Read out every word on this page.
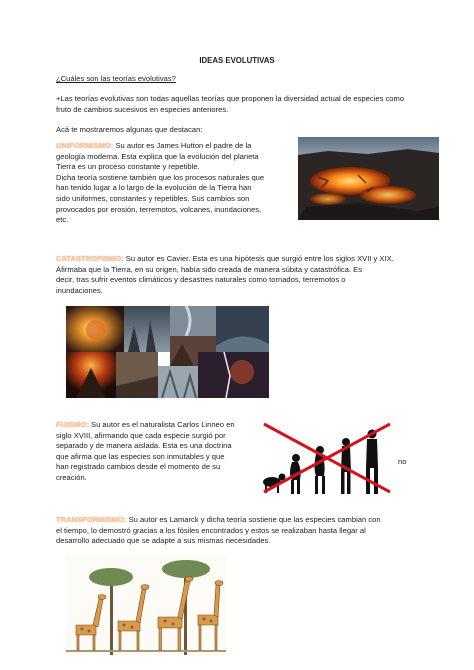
IDEAS EVOLUTIVAS

¿Cuáles son las teorías evolutivas?

+Las teorías evolutivas son todas aquellas teorías que proponen la diversidad actual de especies como fruto de cambios sucesivos en especies anteriores.

Acá te mostraremos algunas que destacan:

UNIFORMISMO: Su autor es James Hutton el padre de la
geología moderna. Esta explica que la evolución del planeta
Tierra es un proceso constante y repetible.
Dicha teoría sostiene también que los procesos naturales que
han tenido lugar a lo largo de la evolución de la Tierra han
sido uniformes, constantes y repetibles. Sus cambios son
provocados por erosión, terremotos, volcanes, inundaciones,
etc.
CATASTROFISMO: Su autor es Cavier. Esta es una hipótesis que surgió entre los siglos XVII y XIX.
Afirmaba que la Tierra, en su origen, había sido creada de manera súbita y catastrófica. Es
decir, tras sufrir eventos climáticos y desastres naturales como tornados, terremotos o
inundaciones.
FIJISMO: Su autor es el naturalista Carlos Linneo en
siglo XVIII, afirmando que cada especie surgió por
separado y de manera aislada. Esta es una doctrina
que afirma que las especies son inmutables y que
han registrado cambios desde el momento de su
creación.

no

TRANSFORMISMO: Su autor es Lamarck y dicha teoría sostiene que las especies cambian con
el tiempo, lo demostró gracias a los fósiles encontrados y estos se realizaban hasta llegar al
desarrollo adecuado que se adapte a sus mismas necesidades.
